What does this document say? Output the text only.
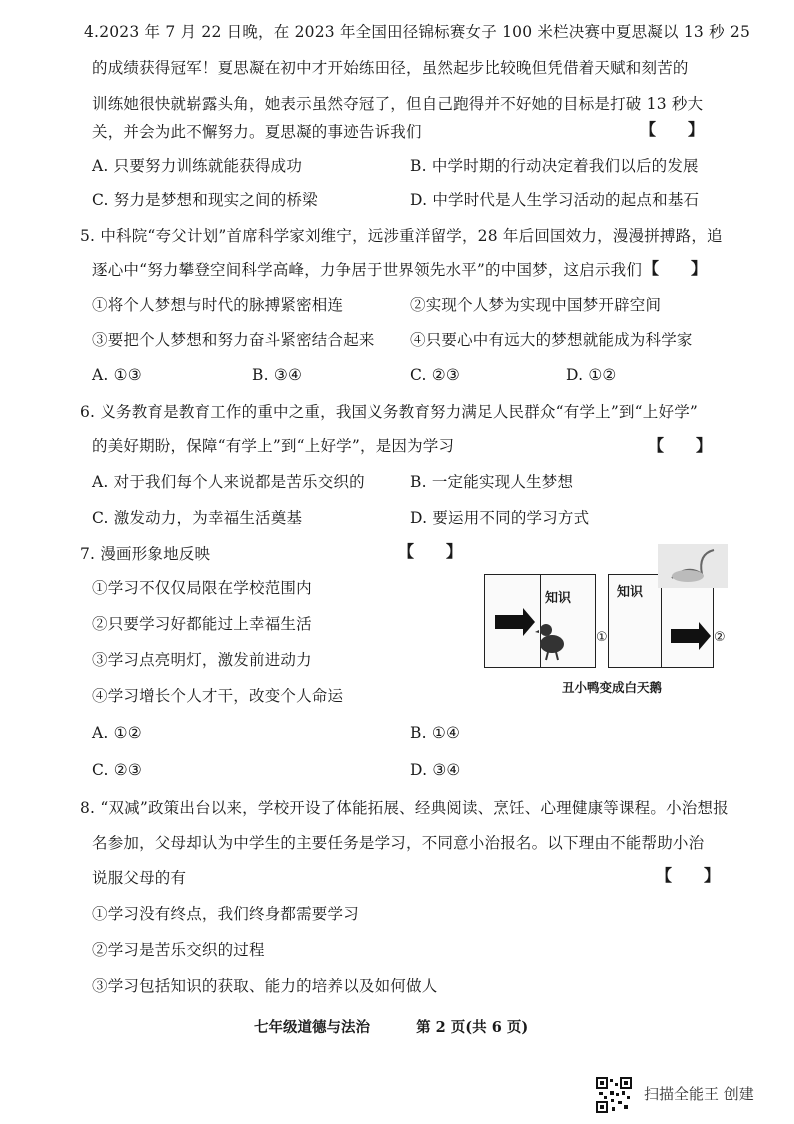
4.2023 年 7 月 22 日晚，在 2023 年全国田径锦标赛女子 100 米栏决赛中夏思凝以 13 秒 25
的成绩获得冠军！夏思凝在初中才开始练田径，虽然起步比较晚但凭借着天赋和刻苦的
训练她很快就崭露头角，她表示虽然夺冠了，但自己跑得并不好她的目标是打破 13 秒大
关，并会为此不懈努力。夏思凝的事迹告诉我们	【　　】
A. 只要努力训练就能获得成功	B. 中学时期的行动决定着我们以后的发展
C. 努力是梦想和现实之间的桥梁	D. 中学时代是人生学习活动的起点和基石
5. 中科院“夸父计划”首席科学家刘维宁，远涉重洋留学，28 年后回国效力，漫漫拼搏路，追
逐心中“努力攀登空间科学高峰，力争居于世界领先水平”的中国梦，这启示我们 【　　】
①将个人梦想与时代的脉搏紧密相连	②实现个人梦为实现中国梦开辟空间
③要把个人梦想和努力奋斗紧密结合起来 ④只要心中有远大的梦想就能成为科学家
A. ①③	B. ③④	C. ②③	D. ①②
6. 义务教育是教育工作的重中之重，我国义务教育努力满足人民群众“有学上”到“上好学”
的美好期盼，保障“有学上”到“上好学”，是因为学习	【　　】
A. 对于我们每个人来说都是苦乐交织的	B. 一定能实现人生梦想
C. 激发动力，为幸福生活奠基	D. 要运用不同的学习方式
7. 漫画形象地反映	【　　】
①学习不仅仅局限在学校范围内
②只要学习好都能过上幸福生活
③学习点亮明灯，激发前进动力
④学习增长个人才干，改变个人命运
A. ①②	B. ①④
C. ②③	D. ③④
知识
①
知识
②
丑小鸭变成白天鹅
8. “双减”政策出台以来，学校开设了体能拓展、经典阅读、烹饪、心理健康等课程。小治想报
名参加，父母却认为中学生的主要任务是学习，不同意小治报名。以下理由不能帮助小治
说服父母的有	【　　】
①学习没有终点，我们终身都需要学习
②学习是苦乐交织的过程
③学习包括知识的获取、能力的培养以及如何做人
七年级道德与法治	第 2 页(共 6 页)
扫描全能王 创建
